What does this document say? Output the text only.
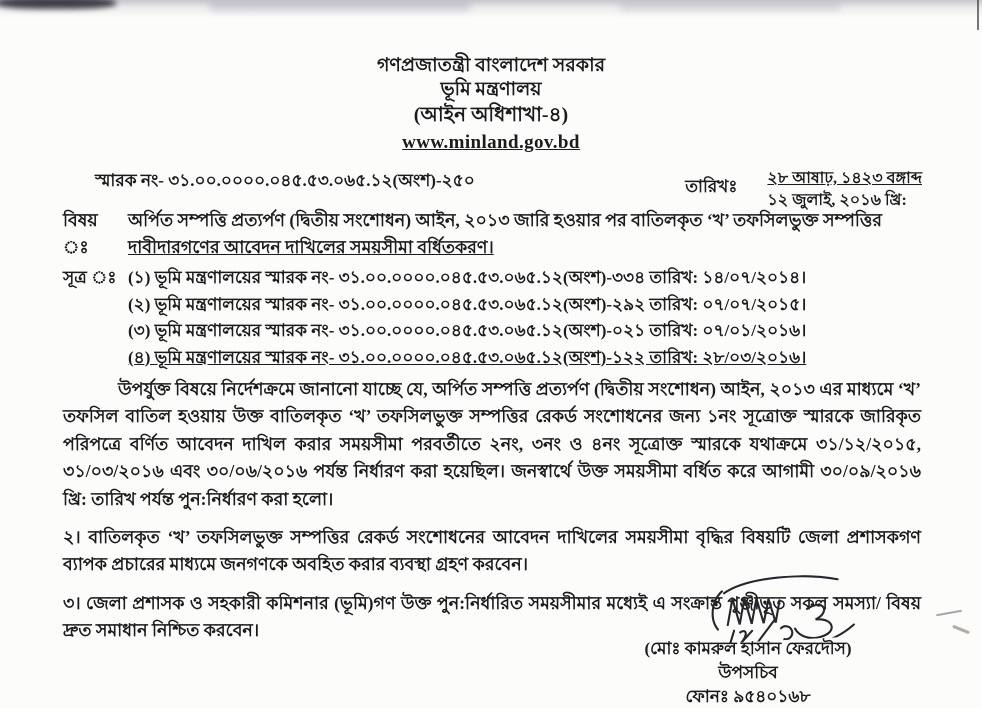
গণপ্রজাতন্ত্রী বাংলাদেশ সরকার
ভূমি মন্ত্রণালয়
(আইন অধিশাখা-৪)
www.minland.gov.bd
স্মারক নং- ৩১.০০.০০০০.০৪৫.৫৩.০৬৫.১২(অংশ)-২৫০	তারিখঃ ২৮ আষাঢ়, ১৪২৩ বঙ্গাব্দ
১২ জুলাই, ২০১৬ খ্রি:
বিষয় ঃ
অর্পিত সম্পত্তি প্রত্যর্পণ (দ্বিতীয় সংশোধন) আইন, ২০১৩ জারি হওয়ার পর বাতিলকৃত ‘খ’ তফসিলভুক্ত সম্পত্তির
দাবীদারগণের আবেদন দাখিলের সময়সীমা বর্ধিতকরণ।
সূত্র ঃ (১) ভূমি মন্ত্রণালয়ের স্মারক নং- ৩১.০০.০০০০.০৪৫.৫৩.০৬৫.১২(অংশ)-৩৩৪ তারিখ: ১৪/০৭/২০১৪।
(২) ভূমি মন্ত্রণালয়ের স্মারক নং- ৩১.০০.০০০০.০৪৫.৫৩.০৬৫.১২(অংশ)-২৯২ তারিখ: ০৭/০৭/২০১৫।
(৩) ভূমি মন্ত্রণালয়ের স্মারক নং- ৩১.০০.০০০০.০৪৫.৫৩.০৬৫.১২(অংশ)-০২১ তারিখ: ০৭/০১/২০১৬।
(৪) ভূমি মন্ত্রণালয়ের স্মারক নং- ৩১.০০.০০০০.০৪৫.৫৩.০৬৫.১২(অংশ)-১২২ তারিখ: ২৮/০৩/২০১৬।

উপর্যুক্ত বিষয়ে নির্দেশক্রমে জানানো যাচ্ছে যে, অর্পিত সম্পত্তি প্রত্যর্পণ (দ্বিতীয় সংশোধন) আইন, ২০১৩ এর মাধ্যমে ‘খ’ তফসিল বাতিল হওয়ায় উক্ত বাতিলকৃত ‘খ’ তফসিলভুক্ত সম্পত্তির রেকর্ড সংশোধনের জন্য ১নং সূত্রোক্ত স্মারকে জারিকৃত পরিপত্রে বর্ণিত আবেদন দাখিল করার সময়সীমা পরবর্তীতে ২নং, ৩নং ও ৪নং সূত্রোক্ত স্মারকে যথাক্রমে ৩১/১২/২০১৫, ৩১/০৩/২০১৬ এবং ৩০/০৬/২০১৬ পর্যন্ত নির্ধারণ করা হয়েছিল। জনস্বার্থে উক্ত সময়সীমা বর্ধিত করে আগামী ৩০/০৯/২০১৬ খ্রি: তারিখ পর্যন্ত পুন:নির্ধারণ করা হলো।

২। বাতিলকৃত ‘খ’ তফসিলভুক্ত সম্পত্তির রেকর্ড সংশোধনের আবেদন দাখিলের সময়সীমা বৃদ্ধির বিষয়টি জেলা প্রশাসকগণ ব্যাপক প্রচারের মাধ্যমে জনগণকে অবহিত করার ব্যবস্থা গ্রহণ করবেন।

৩। জেলা প্রশাসক ও সহকারী কমিশনার (ভূমি)গণ উক্ত পুন:নির্ধারিত সময়সীমার মধ্যেই এ সংক্রান্ত পুঞ্জীভূত সকল সমস্যা/ বিষয় দ্রুত সমাধান নিশ্চিত করবেন।

(মোঃ কামরুল হাসান ফেরদৌস)
উপসচিব
ফোনঃ ৯৫৪০১৬৮
